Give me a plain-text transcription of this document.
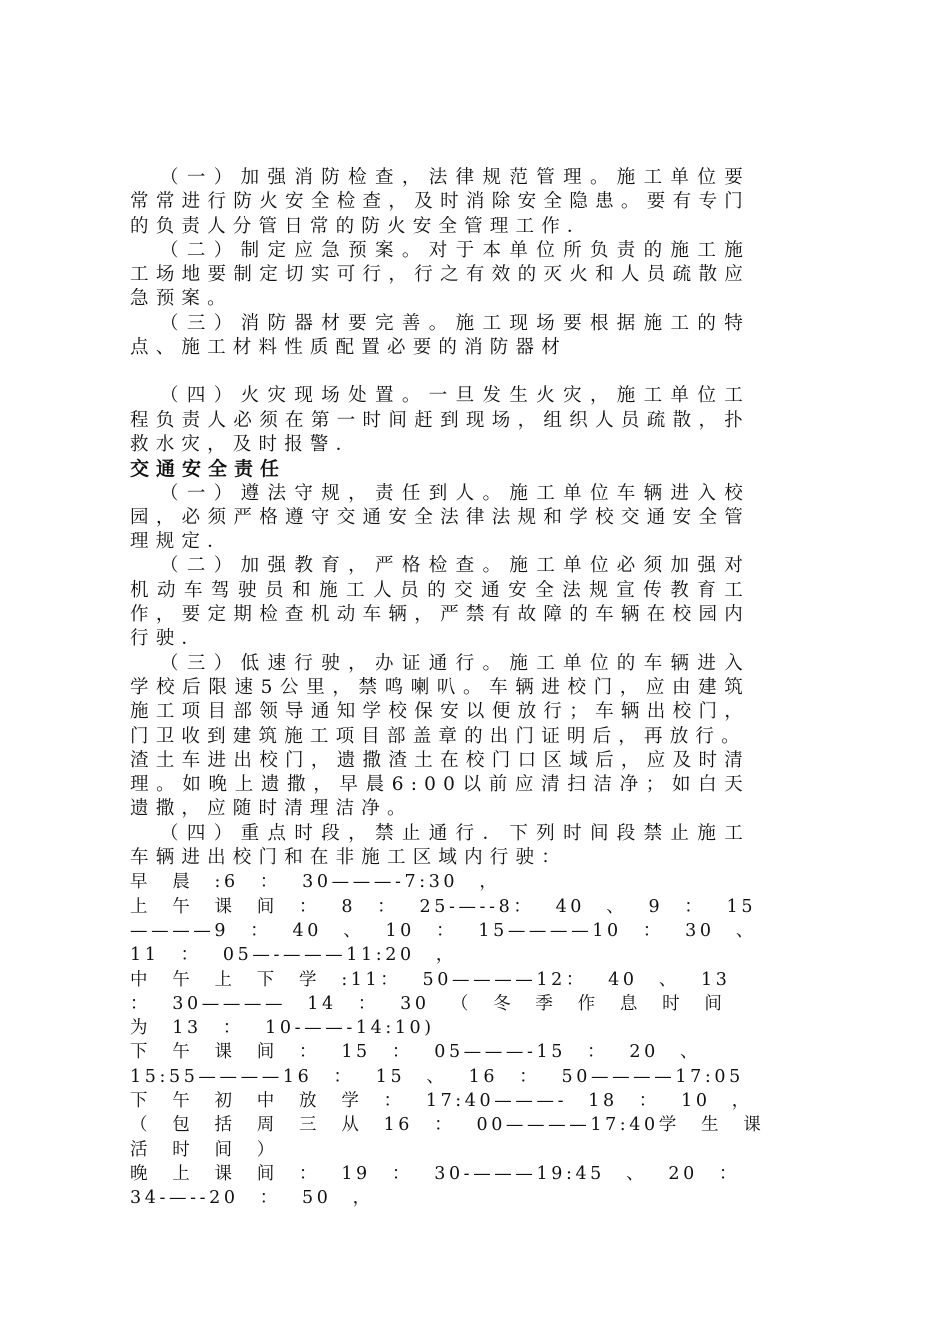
（一）加强消防检查，法律规范管理。施工单位要常常进行防火安全检查，及时消除安全隐患。要有专门的负责人分管日常的防火安全管理工作．

（二）制定应急预案。对于本单位所负责的施工施工场地要制定切实可行，行之有效的灭火和人员疏散应急预案。

（三）消防器材要完善。施工现场要根据施工的特点、施工材料性质配置必要的消防器材

（四）火灾现场处置。一旦发生火灾，施工单位工程负责人必须在第一时间赶到现场，组织人员疏散，扑救水灾，及时报警．

交通安全责任

（一）遵法守规，责任到人。施工单位车辆进入校园，必须严格遵守交通安全法律法规和学校交通安全管理规定．

（二）加强教育，严格检查。施工单位必须加强对机动车驾驶员和施工人员的交通安全法规宣传教育工作，要定期检查机动车辆，严禁有故障的车辆在校园内行驶．

（三）低速行驶，办证通行。施工单位的车辆进入学校后限速5公里，禁鸣喇叭。车辆进校门，应由建筑施工项目部领导通知学校保安以便放行；车辆出校门，门卫收到建筑施工项目部盖章的出门证明后，再放行。

渣土车进出校门，遗撒渣土在校门口区域后，应及时清理。如晚上遗撒，早晨6:00以前应清扫洁净；如白天遗撒，应随时清理洁净。

（四）重点时段，禁止通行．下列时间段禁止施工车辆进出校门和在非施工区域内行驶：

早 晨 :6 ： 30———-7:30 ，

上 午 课 间 ： 8 ： 25-—--8： 40 、 9 ： 15————9 ： 40 、 10 ： 15————10 ： 30 、 11 ： 05—-———11:20 ，

中 午 上 下 学 :11： 50————12： 40 、 13 ： 30———— 14 ： 30 （ 冬 季 作 息 时 间 为 13 ： 10-——-14:10)

下 午 课 间 ： 15 ： 05———-15 ： 20 、 15:55————16 ： 15 、 16 ： 50————17:05 下 午 初 中 放 学 ： 17:40———- 18 ： 10 ， （ 包 括 周 三 从 16 ： 00————17:40学 生 课 活 时 间 ）

晚 上 课 间 ： 19 ： 30-———19:45 、 20 ： 34-—--20 ： 50 ，
